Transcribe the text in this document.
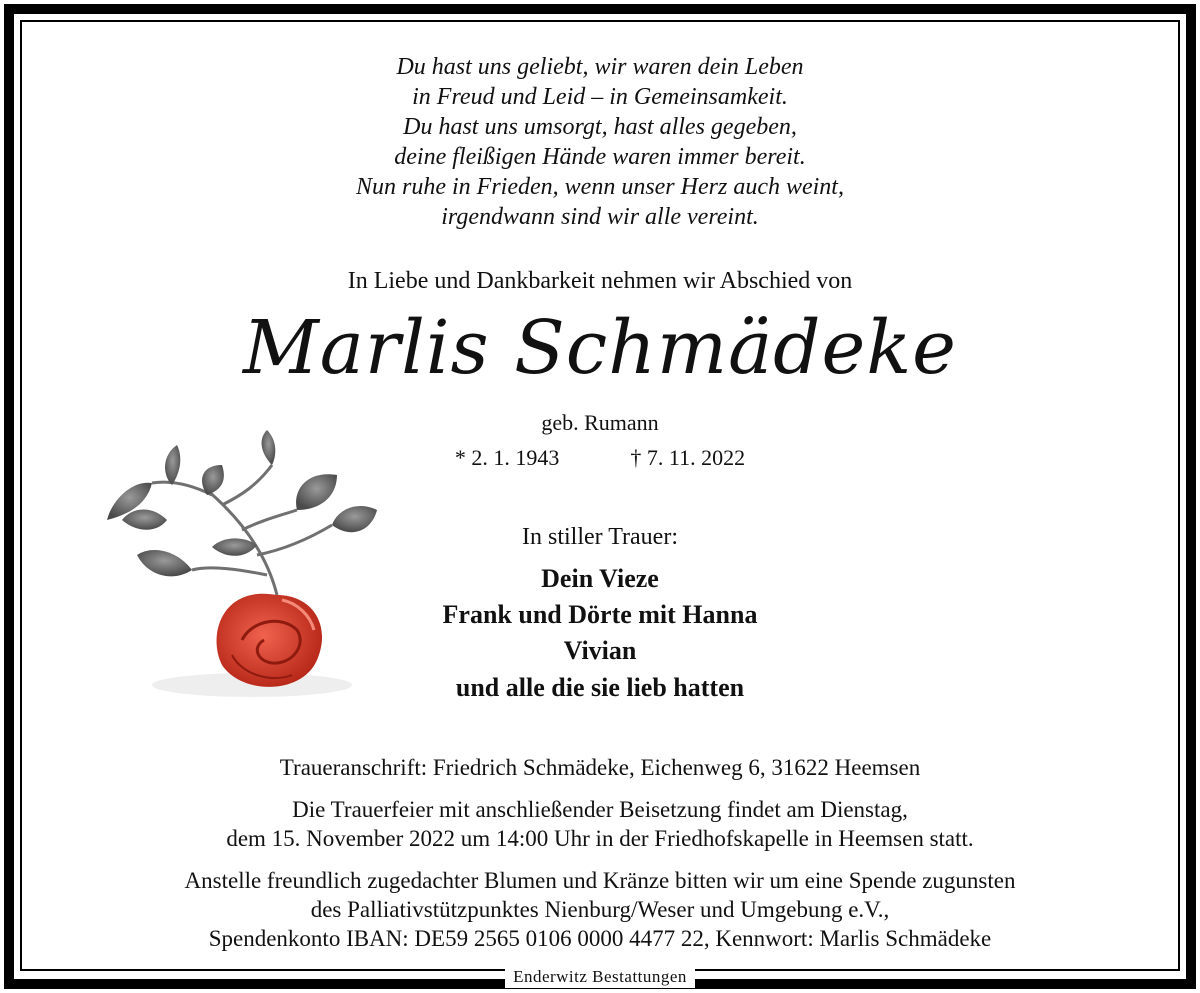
Du hast uns geliebt, wir waren dein Leben
in Freud und Leid – in Gemeinsamkeit.
Du hast uns umsorgt, hast alles gegeben,
deine fleißigen Hände waren immer bereit.
Nun ruhe in Frieden, wenn unser Herz auch weint,
irgendwann sind wir alle vereint.
In Liebe und Dankbarkeit nehmen wir Abschied von
Marlis Schmädeke
geb. Rumann
* 2. 1. 1943	† 7. 11. 2022
In stiller Trauer:
Dein Vieze
Frank und Dörte mit Hanna
Vivian
und alle die sie lieb hatten
Traueranschrift: Friedrich Schmädeke, Eichenweg 6, 31622 Heemsen
Die Trauerfeier mit anschließender Beisetzung findet am Dienstag,
dem 15. November 2022 um 14:00 Uhr in der Friedhofskapelle in Heemsen statt.
Anstelle freundlich zugedachter Blumen und Kränze bitten wir um eine Spende zugunsten
des Palliativstützpunktes Nienburg/Weser und Umgebung e.V.,
Spendenkonto IBAN: DE59 2565 0106 0000 4477 22, Kennwort: Marlis Schmädeke
Enderwitz Bestattungen
